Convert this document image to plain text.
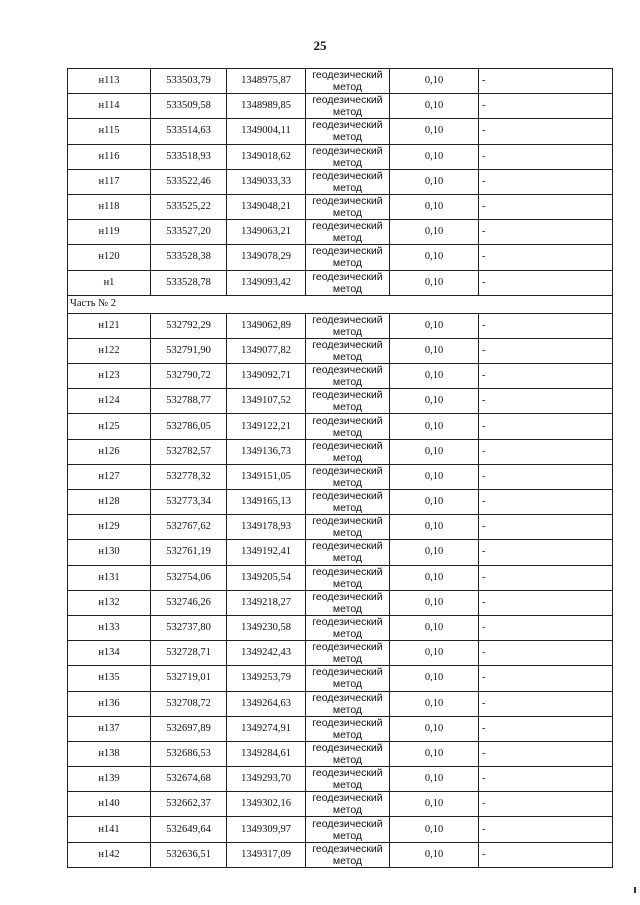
25
н113	533503,79	1348975,87	геодезический метод	0,10	-
н114	533509,58	1348989,85	геодезический метод	0,10	-
н115	533514,63	1349004,11	геодезический метод	0,10	-
н116	533518,93	1349018,62	геодезический метод	0,10	-
н117	533522,46	1349033,33	геодезический метод	0,10	-
н118	533525,22	1349048,21	геодезический метод	0,10	-
н119	533527,20	1349063,21	геодезический метод	0,10	-
н120	533528,38	1349078,29	геодезический метод	0,10	-
н1	533528,78	1349093,42	геодезический метод	0,10	-
Часть № 2					
н121	532792,29	1349062,89	геодезический метод	0,10	-
н122	532791,90	1349077,82	геодезический метод	0,10	-
н123	532790,72	1349092,71	геодезический метод	0,10	-
н124	532788,77	1349107,52	геодезический метод	0,10	-
н125	532786,05	1349122,21	геодезический метод	0,10	-
н126	532782,57	1349136,73	геодезический метод	0,10	-
н127	532778,32	1349151,05	геодезический метод	0,10	-
н128	532773,34	1349165,13	геодезический метод	0,10	-
н129	532767,62	1349178,93	геодезический метод	0,10	-
н130	532761,19	1349192,41	геодезический метод	0,10	-
н131	532754,06	1349205,54	геодезический метод	0,10	-
н132	532746,26	1349218,27	геодезический метод	0,10	-
н133	532737,80	1349230,58	геодезический метод	0,10	-
н134	532728,71	1349242,43	геодезический метод	0,10	-
н135	532719,01	1349253,79	геодезический метод	0,10	-
н136	532708,72	1349264,63	геодезический метод	0,10	-
н137	532697,89	1349274,91	геодезический метод	0,10	-
н138	532686,53	1349284,61	геодезический метод	0,10	-
н139	532674,68	1349293,70	геодезический метод	0,10	-
н140	532662,37	1349302,16	геодезический метод	0,10	-
н141	532649,64	1349309,97	геодезический метод	0,10	-
н142	532636,51	1349317,09	геодезический метод	0,10	-
